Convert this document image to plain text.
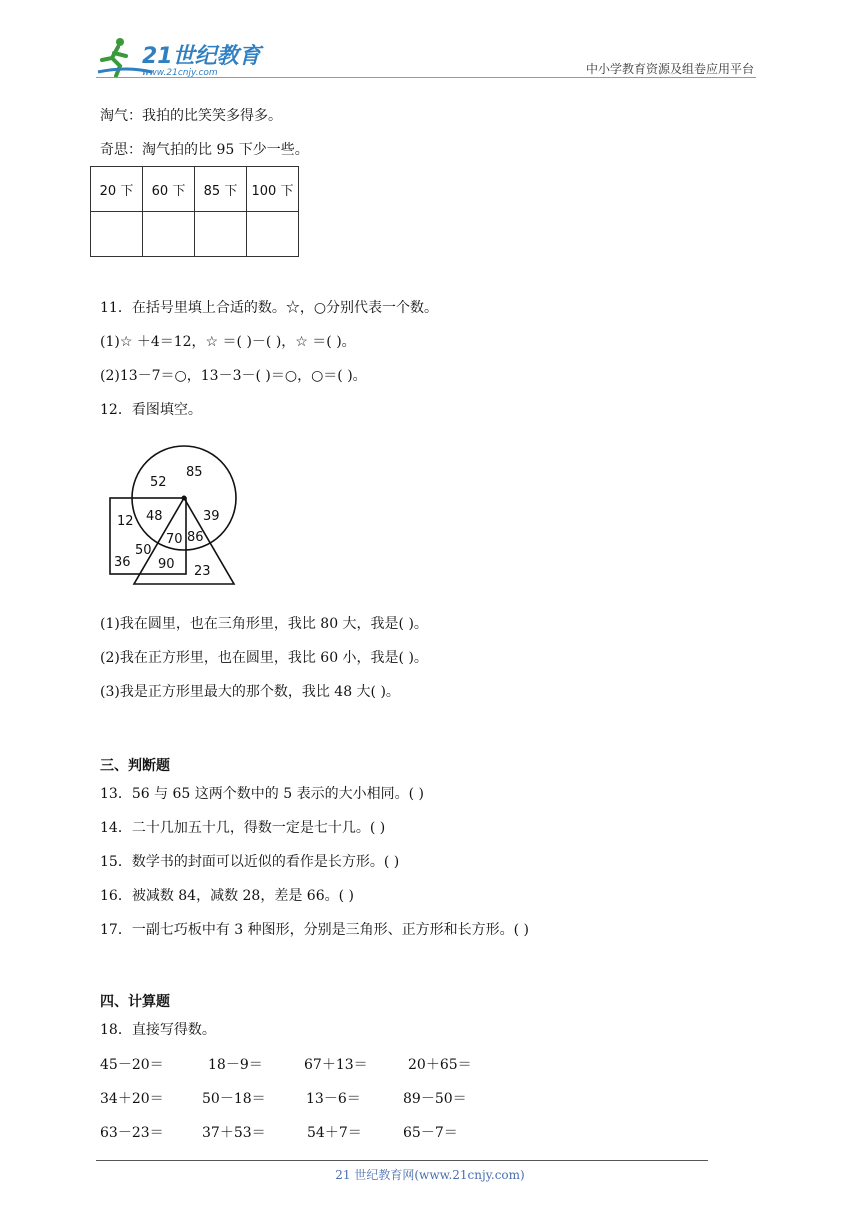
21世纪教育
www.21cnjy.com	中小学教育资源及组卷应用平台
淘气：我拍的比笑笑多得多。
奇思：淘气拍的比 95 下少一些。
20 下	60 下	85 下	100 下

11．在括号里填上合适的数。☆，○分别代表一个数。
(1)☆ ＋4＝12，☆ ＝( )－( )，☆ ＝( )。
(2)13－7＝○，13－3－( )＝○，○＝( )。
12．看图填空。
85
52
48	39
12
70 86
50
36 90 23
(1)我在圆里，也在三角形里，我比 80 大，我是( )。
(2)我在正方形里，也在圆里，我比 60 小，我是( )。
(3)我是正方形里最大的那个数，我比 48 大( )。
三、判断题
13．56 与 65 这两个数中的 5 表示的大小相同。( )
14．二十几加五十几，得数一定是七十几。( )
15．数学书的封面可以近似的看作是长方形。( )
16．被减数 84，减数 28，差是 66。( )
17．一副七巧板中有 3 种图形，分别是三角形、正方形和长方形。( )
四、计算题
18．直接写得数。
45－20＝	18－9＝	67＋13＝	20＋65＝
34＋20＝	50－18＝	13－6＝	89－50＝
63－23＝	37＋53＝	54＋7＝	65－7＝
21 世纪教育网(www.21cnjy.com)
